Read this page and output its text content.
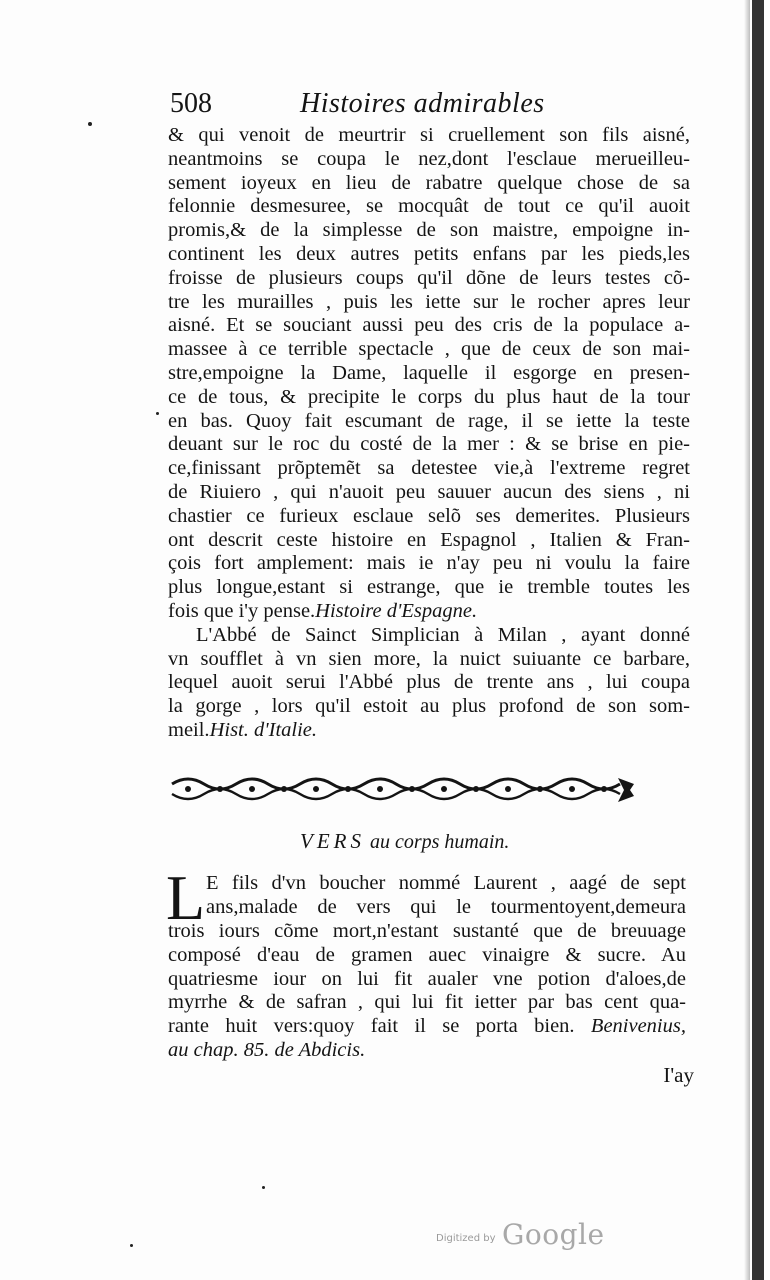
508	Histoires admirables
& qui venoit de meurtrir si cruellement son fils aisné,
neantmoins se coupa le nez,dont l'esclaue merueilleu-
sement ioyeux en lieu de rabatre quelque chose de sa
felonnie desmesuree, se mocquât de tout ce qu'il auoit
promis,& de la simplesse de son maistre, empoigne in-
continent les deux autres petits enfans par les pieds,les
froisse de plusieurs coups qu'il dõne de leurs testes cõ-
tre les murailles , puis les iette sur le rocher apres leur
aisné. Et se souciant aussi peu des cris de la populace a-
massee à ce terrible spectacle , que de ceux de son mai-
stre,empoigne la Dame, laquelle il esgorge en presen-
ce de tous, & precipite le corps du plus haut de la tour
en bas. Quoy fait escumant de rage, il se iette la teste
deuant sur le roc du costé de la mer : & se brise en pie-
ce,finissant prõptemẽt sa detestee vie,à l'extreme regret
de Riuiero , qui n'auoit peu sauuer aucun des siens , ni
chastier ce furieux esclaue selõ ses demerites. Plusieurs
ont descrit ceste histoire en Espagnol , Italien & Fran-
çois fort amplement: mais ie n'ay peu ni voulu la faire
plus longue,estant si estrange, que ie tremble toutes les
fois que i'y pense.Histoire d'Espagne.
L'Abbé de Sainct Simplician à Milan , ayant donné
vn soufflet à vn sien more, la nuict suiuante ce barbare,
lequel auoit serui l'Abbé plus de trente ans , lui coupa
la gorge , lors qu'il estoit au plus profond de son som-
meil.Hist. d'Italie.
VERS au corps humain.
L E fils d'vn boucher nommé Laurent , aagé de sept
ans,malade de vers qui le tourmentoyent,demeura
trois iours cõme mort,n'estant sustanté que de breuuage
composé d'eau de gramen auec vinaigre & sucre. Au
quatriesme iour on lui fit aualer vne potion d'aloes,de
myrrhe & de safran , qui lui fit ietter par bas cent qua-
rante huit vers:quoy fait il se porta bien. Benivenius,
au chap. 85. de Abdicis.
I'ay
Digitized by Google
